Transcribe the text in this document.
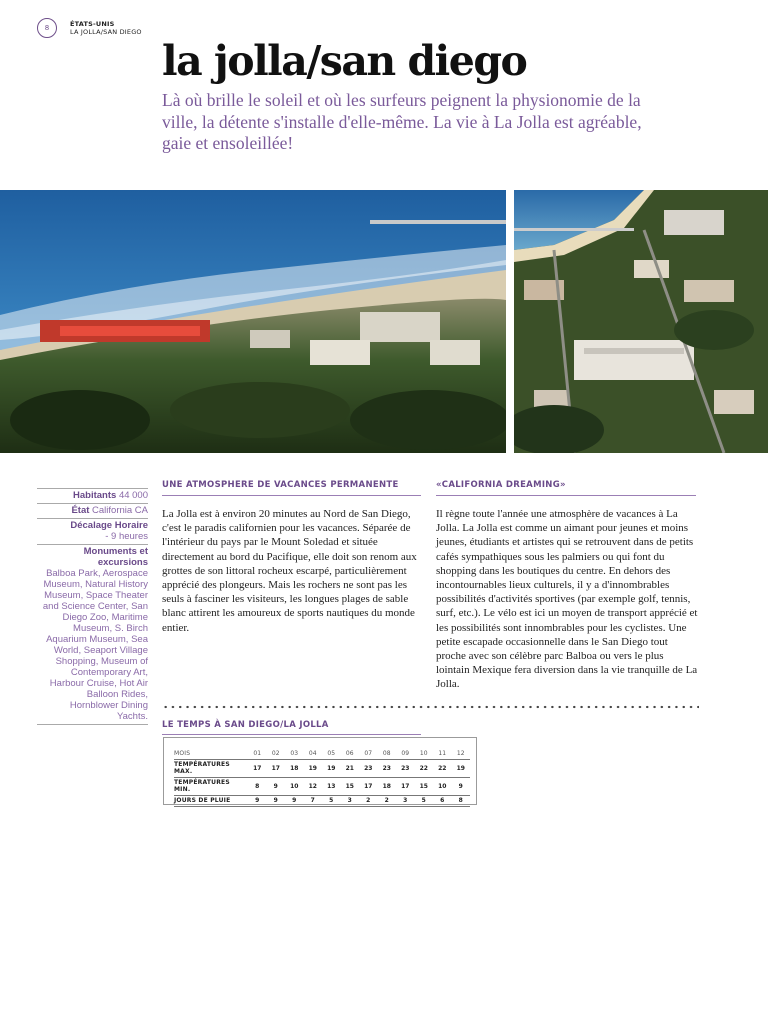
8	ÉTATS-UNIS
LA JOLLA/SAN DIEGO
la jolla/san diego

Là où brille le soleil et où les surfeurs peignent la physionomie de la ville, la détente s'installe d'elle-même. La vie à La Jolla est agréable, gaie et ensoleillée!

Habitants 44 000
État California CA
Décalage Horaire
- 9 heures
Monuments et excursions
Balboa Park, Aerospace Museum, Natural History Museum, Space Theater and Science Center, San Diego Zoo, Maritime Museum, S. Birch Aquarium Museum, Sea World, Seaport Village Shopping, Museum of Contemporary Art, Harbour Cruise, Hot Air Balloon Rides, Hornblower Dining Yachts.
UNE ATMOSPHÈRE DE VACANCES PERMANENTE

La Jolla est à environ 20 minutes au Nord de San Diego, c'est le paradis californien pour les vacances. Séparée de l'intérieur du pays par le Mount Soledad et située directement au bord du Pacifique, elle doit son renom aux grottes de son littoral rocheux escarpé, particulièrement apprécié des plongeurs. Mais les rochers ne sont pas les seuls à fasciner les visiteurs, les longues plages de sable blanc attirent les amoureux de sports nautiques du monde entier.

«CALIFORNIA DREAMING»

Il règne toute l'année une atmosphère de vacances à La Jolla. La Jolla est comme un aimant pour jeunes et moins jeunes, étudiants et artistes qui se retrouvent dans de petits cafés sympathiques sous les palmiers ou qui font du shopping dans les boutiques du centre. En dehors des incontournables lieux culturels, il y a d'innombrables possibilités d'activités sportives (par exemple golf, tennis, surf, etc.). Le vélo est ici un moyen de transport apprécié et les possibilités sont innombrables pour les cyclistes. Une petite escapade occasionnelle dans le San Diego tout proche avec son célèbre parc Balboa ou vers le plus lointain Mexique fera diversion dans la vie tranquille de La Jolla.

LE TEMPS À SAN DIEGO/LA JOLLA
MOIS	01	02	03	04	05	06	07	08	09	10	11	12
TEMPÉRATURES MAX.	17	17	18	19	19	21	23	23	23	22	22	19
TEMPÉRATURES MIN.	8	9	10	12	13	15	17	18	17	15	10	9
JOURS DE PLUIE	9	9	9	7	5	3	2	2	3	5	6	8
